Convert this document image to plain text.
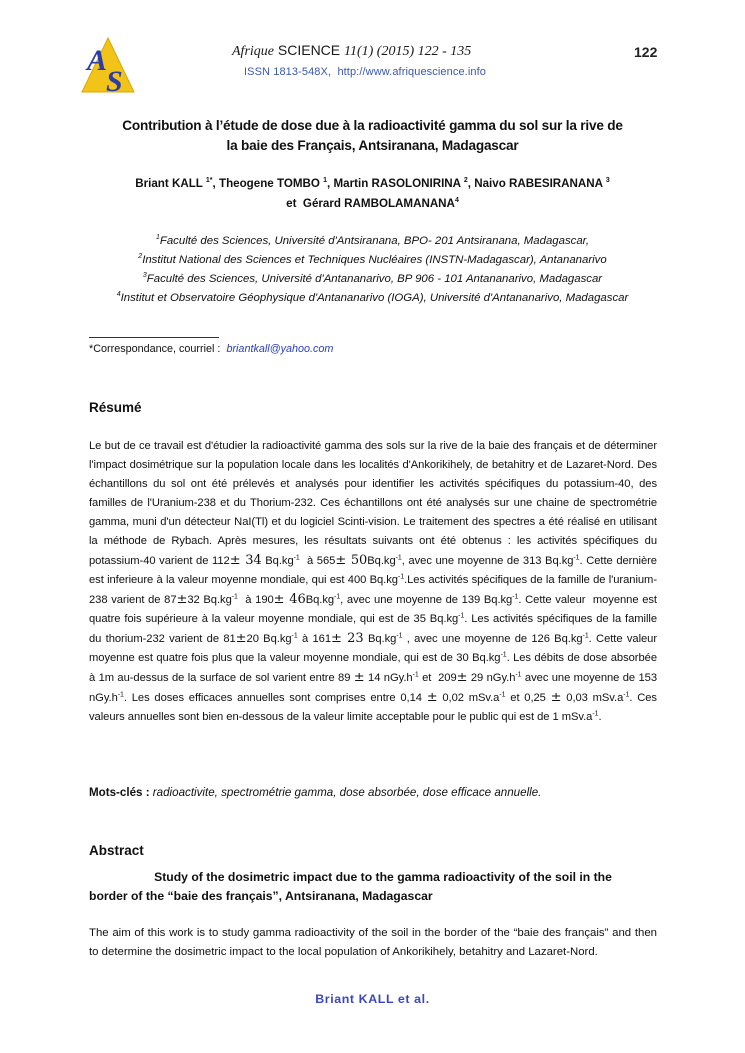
A
S
Afrique SCIENCE 11(1) (2015) 122 - 135
ISSN 1813-548X, http://www.afriquescience.info
122
Contribution à l’étude de dose due à la radioactivité gamma du sol sur la rive de
la baie des Français, Antsiranana, Madagascar
Briant KALL $^{1*}$, Theogene TOMBO $^1$, Martin RASOLONIRINA $^2$, Naivo RABESIRANANA $^3$
et  Gérard RAMBOLAMANANA$^4$
$^1$Faculté des Sciences, Université d'Antsiranana, BPO- 201 Antsiranana, Madagascar,
$^2$Institut National des Sciences et Techniques Nucléaires (INSTN-Madagascar), Antananarivo
$^3$Faculté des Sciences, Université d'Antananarivo, BP 906 - 101 Antananarivo, Madagascar
$^4$Institut et Observatoire Géophysique d'Antananarivo (IOGA), Université d'Antananarivo, Madagascar
*Correspondance, courriel : briantkall@yahoo.com
Résumé
Le but de ce travail est d'étudier la radioactivité gamma des sols sur la rive de la baie des français et de déterminer l'impact dosimétrique sur la population locale dans les localités d'Ankorikihely, de betahitry et de Lazaret-Nord. Des échantillons du sol ont été prélevés et analysés pour identifier les activités spécifiques du potassium-40, des familles de l'Uranium-238 et du Thorium-232. Ces échantillons ont été analysés sur une chaine de spectrométrie gamma, muni d'un détecteur NaI(Tl) et du logiciel Scinti-vision. Le traitement des spectres a été réalisé en utilisant la méthode de Rybach. Après mesures, les résultats suivants ont été obtenus : les activités spécifiques du potassium-40 varient de 112± 34 $Bq.kg^{-1}$  à $565\pm 50Bq.kg^{-1}$, avec une moyenne de 313 $Bq.kg^{-1}$. Cette dernière est inferieure à la valeur moyenne mondiale, qui est 400 $Bq.kg^{-1}.Les$ activités spécifiques de la famille de l'uranium-238 varient de 87±32 $Bq.kg^{-1}$  à $190\pm 46Bq.kg^{-1}$, avec une moyenne de 139 $Bq.kg^{-1}$. Cette valeur  moyenne est quatre fois supérieure à la valeur moyenne mondiale, qui est de 35 $Bq.kg^{-1}$. Les activités spécifiques de la famille du thorium-232 varient de 81±20 $Bq.kg^{-1}$ à 161± 23 $Bq.kg^{-1}$ , avec une moyenne de 126 $Bq.kg^{-1}$. Cette valeur moyenne est quatre fois plus que la valeur moyenne mondiale, qui est de 30 $Bq.kg^{-1}$. Les débits de dose absorbée à 1m au-dessus de la surface de sol varient entre 89 ± 14 $nGy.h^{-1}$ et  209± 29 $nGy.h^{-1}$ avec une moyenne de 153 $nGy.h^{-1}$. Les doses efficaces annuelles sont comprises entre 0,14 ± 0,02 $mSv.a^{-1}$ et 0,25 ± 0,03 $mSv.a^{-1}$. Ces valeurs annuelles sont bien en-dessous de la valeur limite acceptable pour le public qui est de 1 $mSv.a^{-1}$.
Mots-clés : radioactivite, spectrométrie gamma, dose absorbée, dose efficace annuelle.
Abstract
Study of the dosimetric impact due to the gamma radioactivity of the soil in the
border of the “baie des français”, Antsiranana, Madagascar
The aim of this work is to study gamma radioactivity of the soil in the border of the “baie des français” and then to determine the dosimetric impact to the local population of Ankorikihely, betahitry and Lazaret-Nord.
Briant KALL et al.
